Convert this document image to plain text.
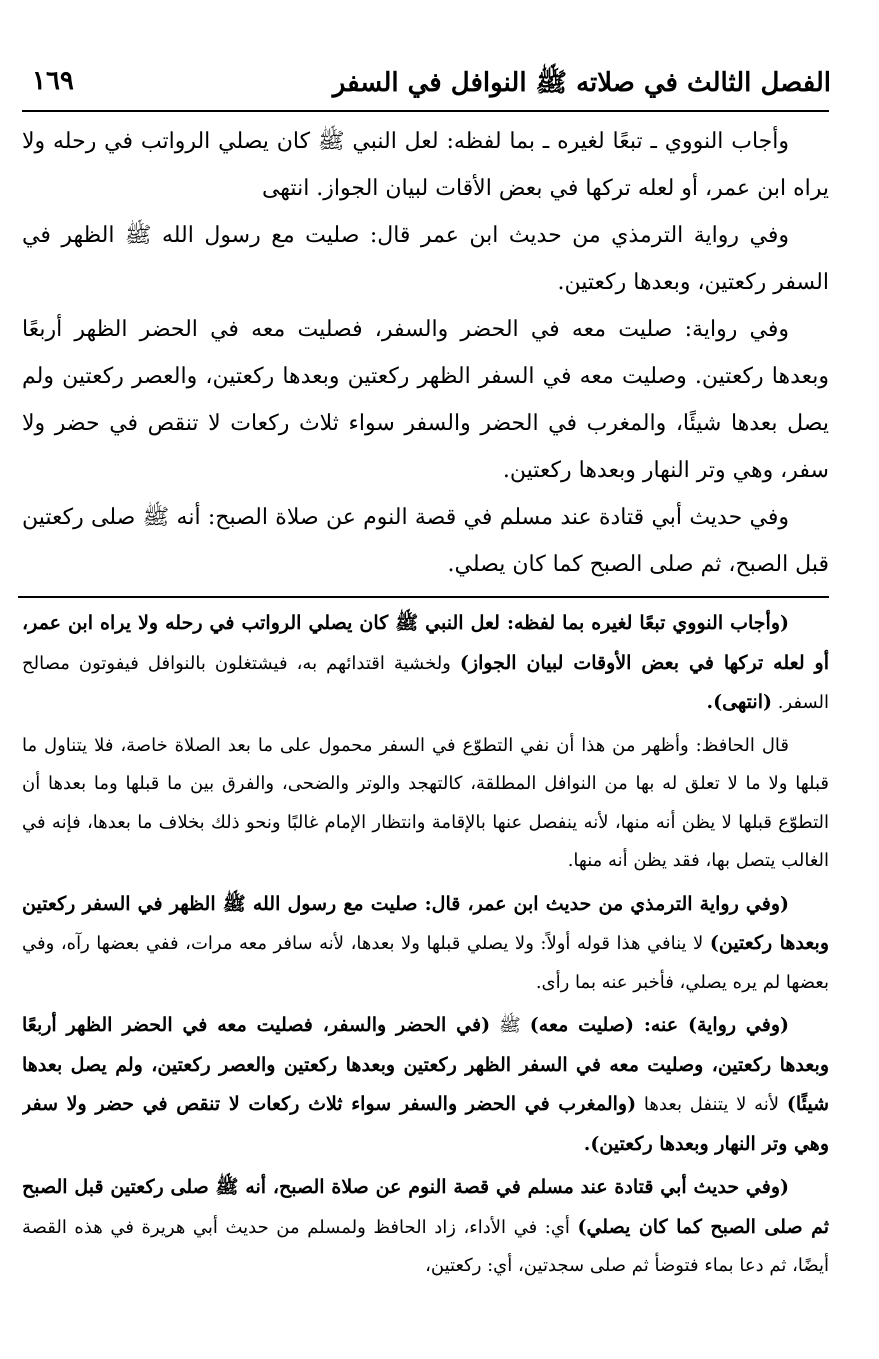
الفصل الثالث في صلاته ﷺ النوافل في السفر
١٦٩

وأجاب النووي ـ تبعًا لغيره ـ بما لفظه: لعل النبي ﷺ كان يصلي الرواتب في رحله ولا يراه ابن عمر، أو لعله تركها في بعض الأقات لبيان الجواز. انتهى

وفي رواية الترمذي من حديث ابن عمر قال: صليت مع رسول الله ﷺ الظهر في السفر ركعتين، وبعدها ركعتين.

وفي رواية: صليت معه في الحضر والسفر، فصليت معه في الحضر الظهر أربعًا وبعدها ركعتين. وصليت معه في السفر الظهر ركعتين وبعدها ركعتين، والعصر ركعتين ولم يصل بعدها شيئًا، والمغرب في الحضر والسفر سواء ثلاث ركعات لا تنقص في حضر ولا سفر، وهي وتر النهار وبعدها ركعتين.

وفي حديث أبي قتادة عند مسلم في قصة النوم عن صلاة الصبح: أنه ﷺ صلى ركعتين قبل الصبح، ثم صلى الصبح كما كان يصلي.

(وأجاب النووي تبعًا لغيره بما لفظه: لعل النبي ﷺ كان يصلي الرواتب في رحله ولا يراه ابن عمر، أو لعله تركها في بعض الأوقات لبيان الجواز) ولخشية اقتدائهم به، فيشتغلون بالنوافل فيفوتون مصالح السفر. (انتهى).

قال الحافظ: وأظهر من هذا أن نفي التطوّع في السفر محمول على ما بعد الصلاة خاصة، فلا يتناول ما قبلها ولا ما لا تعلق له بها من النوافل المطلقة، كالتهجد والوتر والضحى، والفرق بين ما قبلها وما بعدها أن التطوّع قبلها لا يظن أنه منها، لأنه ينفصل عنها بالإقامة وانتظار الإمام غالبًا ونحو ذلك بخلاف ما بعدها، فإنه في الغالب يتصل بها، فقد يظن أنه منها.

(وفي رواية الترمذي من حديث ابن عمر، قال: صليت مع رسول الله ﷺ الظهر في السفر ركعتين وبعدها ركعتين) لا ينافي هذا قوله أولاً: ولا يصلي قبلها ولا بعدها، لأنه سافر معه مرات، ففي بعضها رآه، وفي بعضها لم يره يصلي، فأخبر عنه بما رأى.

(وفي رواية) عنه: (صليت معه) ﷺ (في الحضر والسفر، فصليت معه في الحضر الظهر أربعًا وبعدها ركعتين، وصليت معه في السفر الظهر ركعتين وبعدها ركعتين والعصر ركعتين، ولم يصل بعدها شيئًا) لأنه لا يتنفل بعدها (والمغرب في الحضر والسفر سواء ثلاث ركعات لا تنقص في حضر ولا سفر وهي وتر النهار وبعدها ركعتين).

(وفي حديث أبي قتادة عند مسلم في قصة النوم عن صلاة الصبح، أنه ﷺ صلى ركعتين قبل الصبح ثم صلى الصبح كما كان يصلي) أي: في الأداء، زاد الحافظ ولمسلم من حديث أبي هريرة في هذه القصة أيضًا، ثم دعا بماء فتوضأ ثم صلى سجدتين، أي: ركعتين،
